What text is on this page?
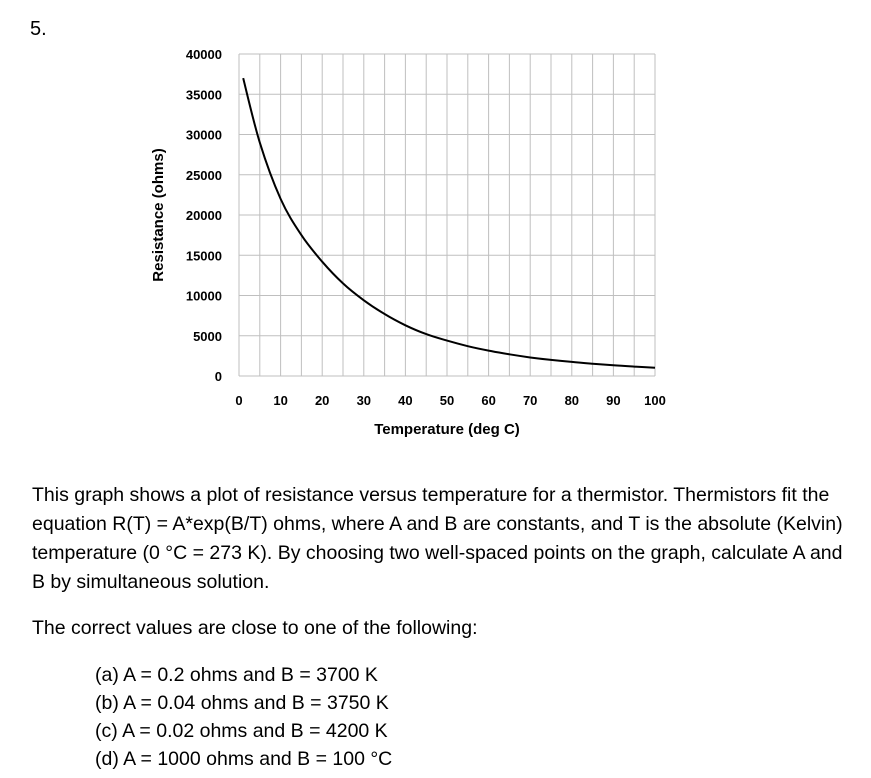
5.
0
5000
10000
15000
20000
25000
30000
35000
40000
0 10 20 30 40 50 60 70 80 90 100
Temperature (deg C)
Resistance (ohms)

This graph shows a plot of resistance versus temperature for a thermistor. Thermistors fit the equation R(T) = A*exp(B/T) ohms, where A and B are constants, and T is the absolute (Kelvin) temperature (0 °C = 273 K). By choosing two well-spaced points on the graph, calculate A and B by simultaneous solution.

The correct values are close to one of the following:

(a) A = 0.2 ohms and B = 3700 K
(b) A = 0.04 ohms and B = 3750 K
(c) A = 0.02 ohms and B = 4200 K
(d) A = 1000 ohms and B = 100 °C
